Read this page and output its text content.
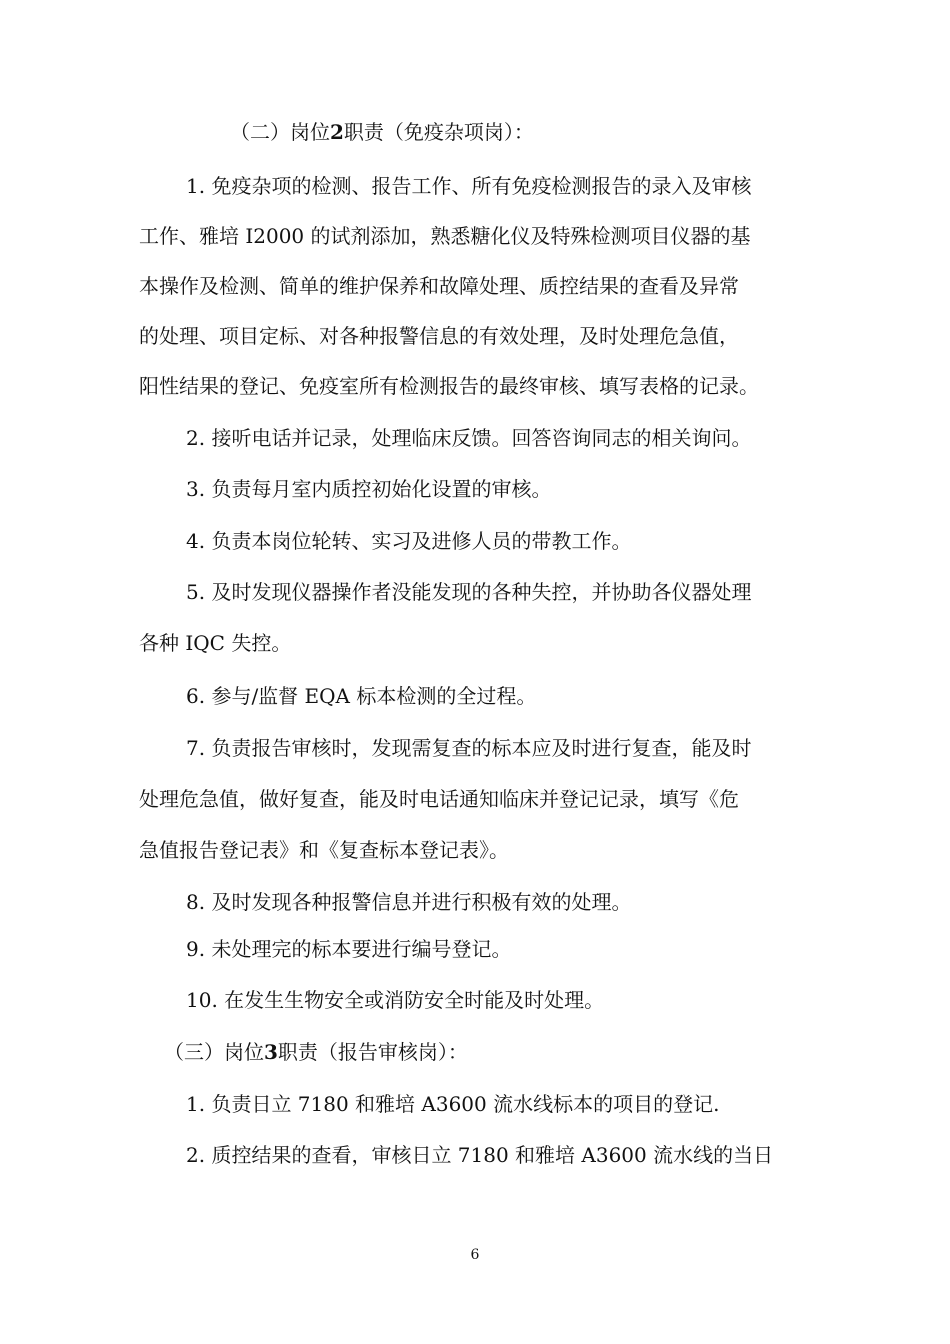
（二）岗位2职责（免疫杂项岗）：
1. 免疫杂项的检测、报告工作、所有免疫检测报告的录入及审核
工作、雅培 I2000 的试剂添加，熟悉糖化仪及特殊检测项目仪器的基
本操作及检测、简单的维护保养和故障处理、质控结果的查看及异常
的处理、项目定标、对各种报警信息的有效处理，及时处理危急值，
阳性结果的登记、免疫室所有检测报告的最终审核、填写表格的记录。
2. 接听电话并记录，处理临床反馈。回答咨询同志的相关询问。
3. 负责每月室内质控初始化设置的审核。
4. 负责本岗位轮转、实习及进修人员的带教工作。
5. 及时发现仪器操作者没能发现的各种失控，并协助各仪器处理
各种 IQC 失控。
6. 参与/监督 EQA 标本检测的全过程。
7. 负责报告审核时，发现需复查的标本应及时进行复查，能及时
处理危急值，做好复查，能及时电话通知临床并登记记录，填写《危
急值报告登记表》和《复查标本登记表》。
8. 及时发现各种报警信息并进行积极有效的处理。
9. 未处理完的标本要进行编号登记。
10. 在发生生物安全或消防安全时能及时处理。
（三）岗位3职责（报告审核岗）：
1. 负责日立 7180 和雅培 A3600 流水线标本的项目的登记.
2. 质控结果的查看，审核日立 7180 和雅培 A3600 流水线的当日
6
